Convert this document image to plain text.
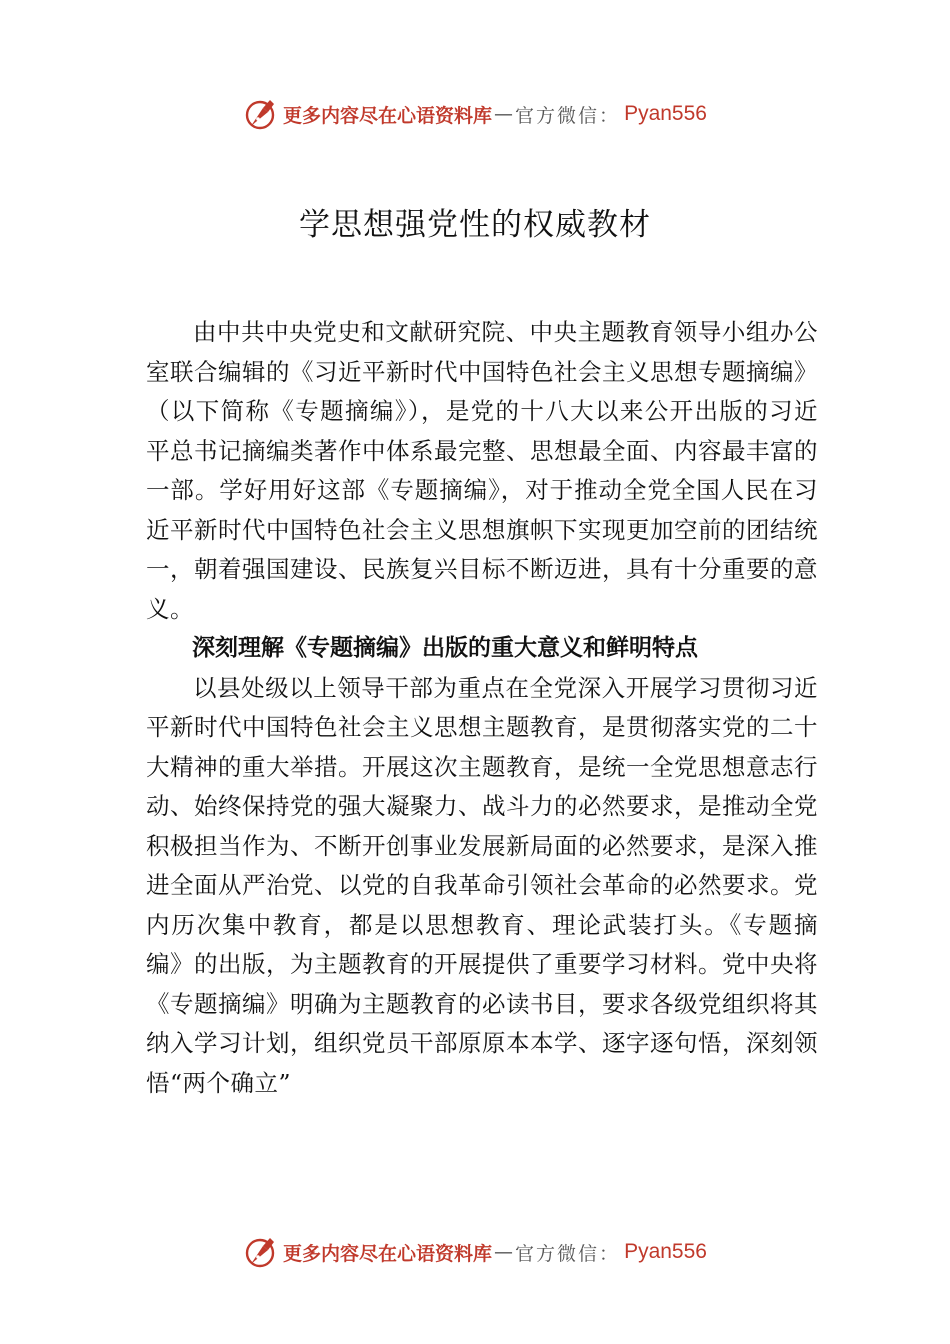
更多内容尽在心语资料库 — 官方微信： Pyan556
学思想强党性的权威教材

由中共中央党史和文献研究院、中央主题教育领导小组办公室联合编辑的《习近平新时代中国特色社会主义思想专题摘编》（以下简称《专题摘编》），是党的十八大以来公开出版的习近平总书记摘编类著作中体系最完整、思想最全面、内容最丰富的一部。学好用好这部《专题摘编》，对于推动全党全国人民在习近平新时代中国特色社会主义思想旗帜下实现更加空前的团结统一，朝着强国建设、民族复兴目标不断迈进，具有十分重要的意义。

深刻理解《专题摘编》出版的重大意义和鲜明特点

以县处级以上领导干部为重点在全党深入开展学习贯彻习近平新时代中国特色社会主义思想主题教育，是贯彻落实党的二十大精神的重大举措。开展这次主题教育，是统一全党思想意志行动、始终保持党的强大凝聚力、战斗力的必然要求，是推动全党积极担当作为、不断开创事业发展新局面的必然要求，是深入推进全面从严治党、以党的自我革命引领社会革命的必然要求。党内历次集中教育，都是以思想教育、理论武装打头。《专题摘编》的出版，为主题教育的开展提供了重要学习材料。党中央将《专题摘编》明确为主题教育的必读书目，要求各级党组织将其纳入学习计划，组织党员干部原原本本学、逐字逐句悟，深刻领悟“两个确立”

更多内容尽在心语资料库 — 官方微信： Pyan556
